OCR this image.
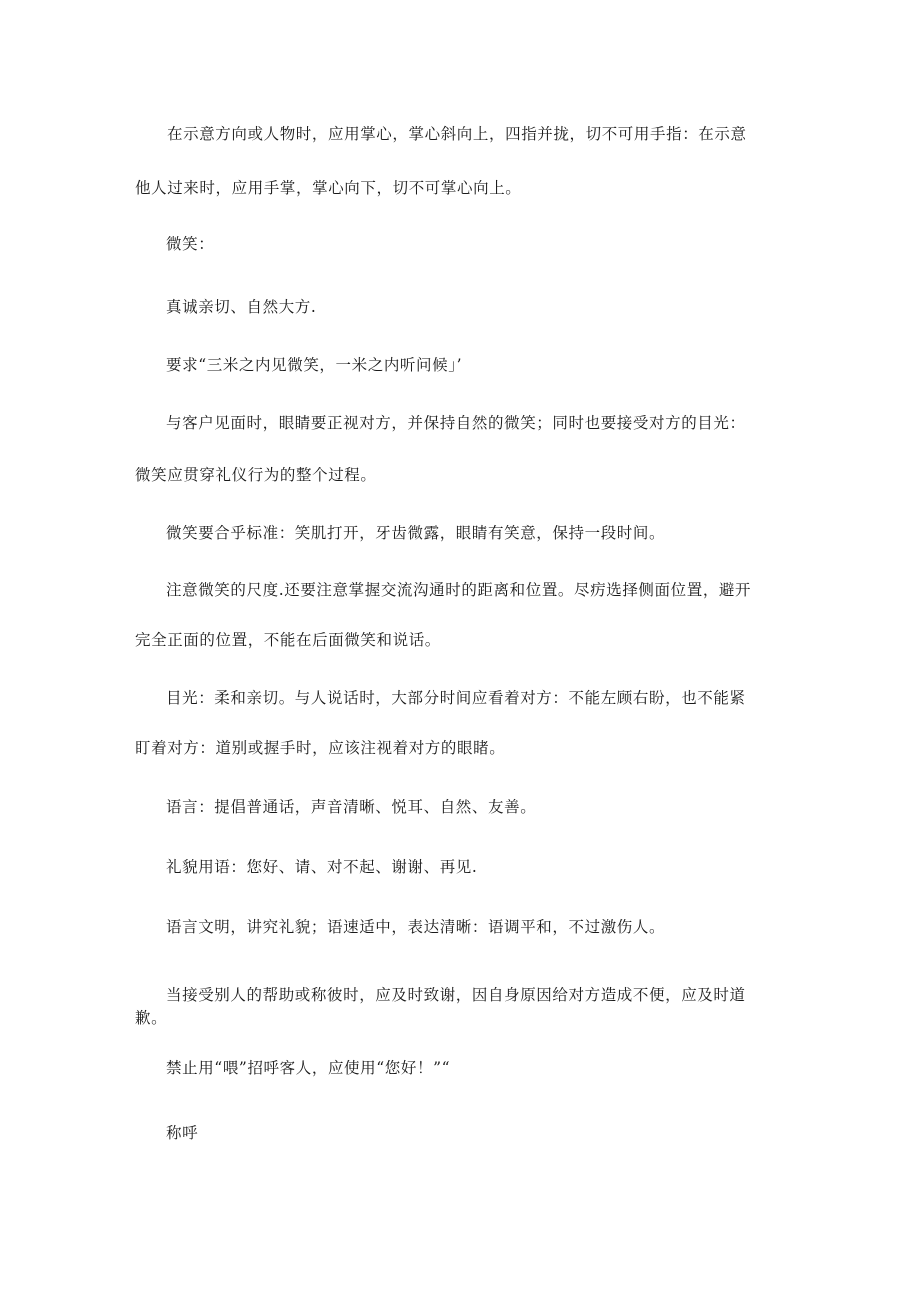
在示意方向或人物时，应用掌心，掌心斜向上，四指并拢，切不可用手指：在示意
他人过来时，应用手掌，掌心向下，切不可掌心向上。
微笑：
真诚亲切、自然大方.
要求“三米之内见微笑，一米之内听问候」’
与客户见面时，眼睛要正视对方，并保持自然的微笑；同时也要接受对方的目光：
微笑应贯穿礼仪行为的整个过程。
微笑要合乎标准：笑肌打开，牙齿微露，眼睛有笑意，保持一段时间。
注意微笑的尺度.还要注意掌握交流沟通时的距离和位置。尽疠选择侧面位置，避开
完全正面的位置，不能在后面微笑和说话。
目光：柔和亲切。与人说话时，大部分时间应看着对方：不能左顾右盼，也不能紧
盯着对方：道别或握手时，应该注视着对方的眼睹。
语言：提倡普通话，声音清晰、悦耳、自然、友善。
礼貌用语：您好、请、对不起、谢谢、再见.
语言文明，讲究礼貌；语速适中，表达清晰：语调平和，不过激伤人。
当接受别人的帮助或称彼时，应及时致谢，因自身原因给对方造成不便，应及时道
歉。
禁止用“喂”招呼客人，应使用“您好！”“
称呼
